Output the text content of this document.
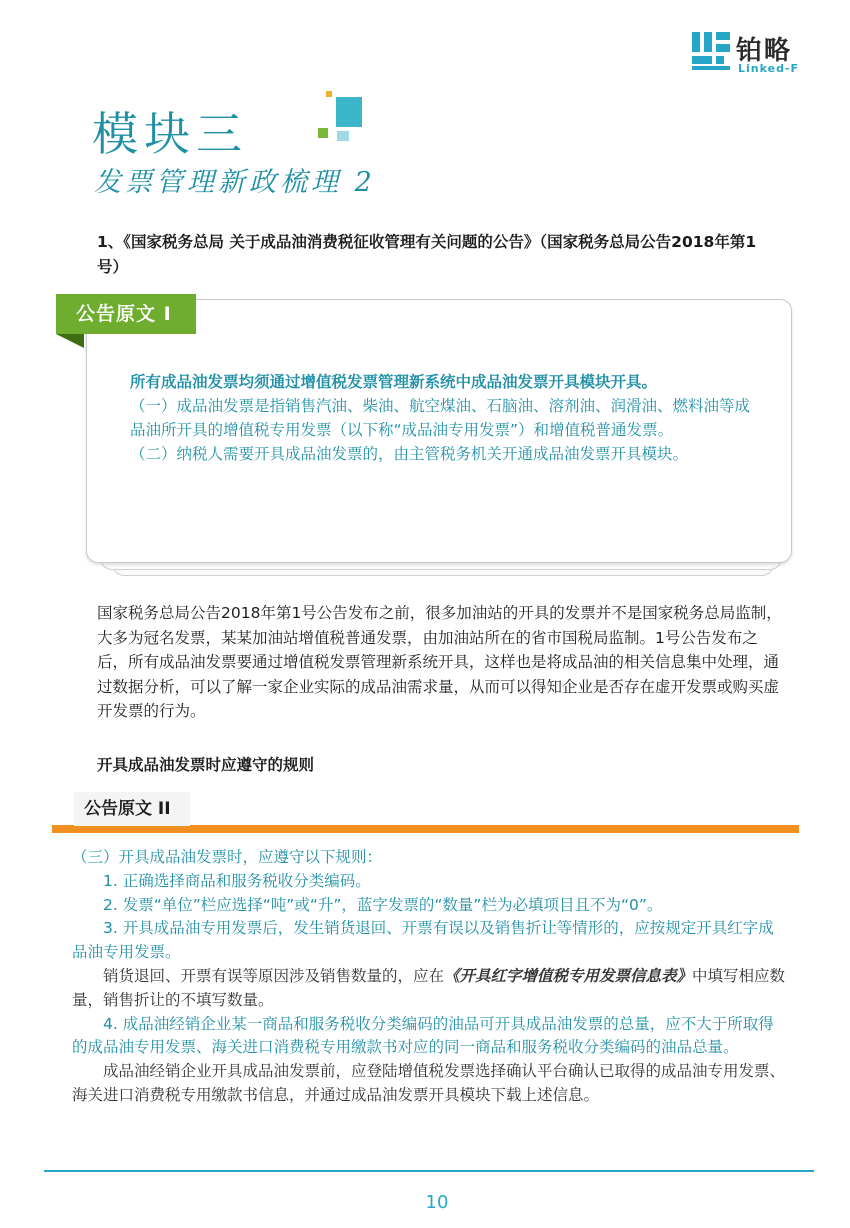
铂略
Linked-F
模块三
发票管理新政梳理 2
1、《国家税务总局 关于成品油消费税征收管理有关问题的公告》（国家税务总局公告2018年第1号）
公告原文 I

所有成品油发票均须通过增值税发票管理新系统中成品油发票开具模块开具。

（一）成品油发票是指销售汽油、柴油、航空煤油、石脑油、溶剂油、润滑油、燃料油等成品油所开具的增值税专用发票（以下称“成品油专用发票”）和增值税普通发票。

（二）纳税人需要开具成品油发票的，由主管税务机关开通成品油发票开具模块。

国家税务总局公告2018年第1号公告发布之前，很多加油站的开具的发票并不是国家税务总局监制，大多为冠名发票，某某加油站增值税普通发票，由加油站所在的省市国税局监制。1号公告发布之后，所有成品油发票要通过增值税发票管理新系统开具，这样也是将成品油的相关信息集中处理，通过数据分析，可以了解一家企业实际的成品油需求量，从而可以得知企业是否存在虚开发票或购买虚开发票的行为。

开具成品油发票时应遵守的规则
公告原文 II

（三）开具成品油发票时，应遵守以下规则：

1. 正确选择商品和服务税收分类编码。

2. 发票“单位”栏应选择“吨”或“升”，蓝字发票的“数量”栏为必填项目且不为“0”。

3. 开具成品油专用发票后，发生销货退回、开票有误以及销售折让等情形的，应按规定开具红字成品油专用发票。

销货退回、开票有误等原因涉及销售数量的，应在《开具红字增值税专用发票信息表》中填写相应数量，销售折让的不填写数量。

4. 成品油经销企业某一商品和服务税收分类编码的油品可开具成品油发票的总量，应不大于所取得的成品油专用发票、海关进口消费税专用缴款书对应的同一商品和服务税收分类编码的油品总量。

成品油经销企业开具成品油发票前，应登陆增值税发票选择确认平台确认已取得的成品油专用发票、海关进口消费税专用缴款书信息，并通过成品油发票开具模块下载上述信息。

10
